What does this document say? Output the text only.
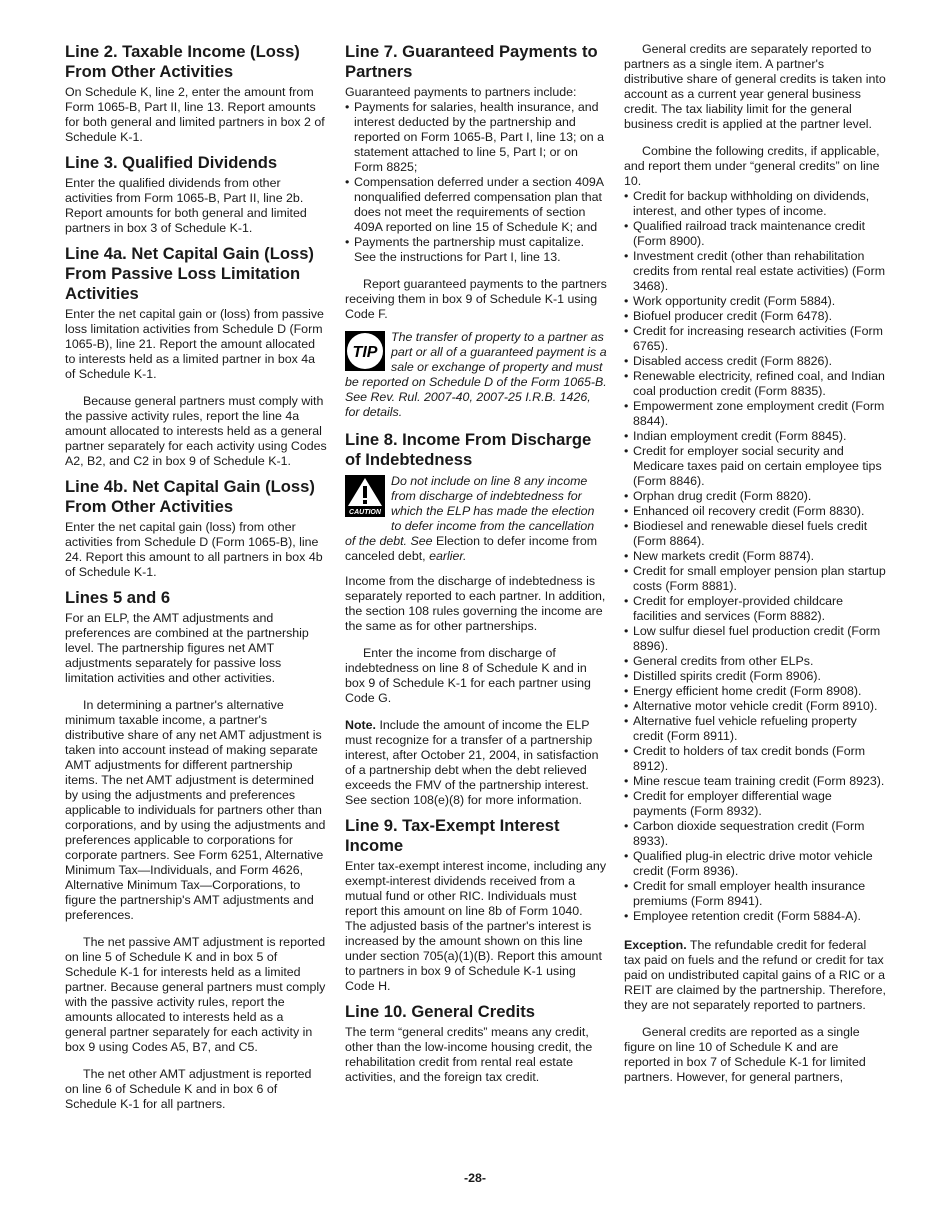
Line 2. Taxable Income (Loss) From Other Activities

On Schedule K, line 2, enter the amount from Form 1065-B, Part II, line 13. Report amounts for both general and limited partners in box 2 of Schedule K-1.

Line 3. Qualified Dividends

Enter the qualified dividends from other activities from Form 1065-B, Part II, line 2b. Report amounts for both general and limited partners in box 3 of Schedule K-1.

Line 4a. Net Capital Gain (Loss) From Passive Loss Limitation Activities

Enter the net capital gain or (loss) from passive loss limitation activities from Schedule D (Form 1065-B), line 21. Report the amount allocated to interests held as a limited partner in box 4a of Schedule K-1.

Because general partners must comply with the passive activity rules, report the line 4a amount allocated to interests held as a general partner separately for each activity using Codes A2, B2, and C2 in box 9 of Schedule K-1.

Line 4b. Net Capital Gain (Loss) From Other Activities

Enter the net capital gain (loss) from other activities from Schedule D (Form 1065-B), line 24. Report this amount to all partners in box 4b of Schedule K-1.

Lines 5 and 6

For an ELP, the AMT adjustments and preferences are combined at the partnership level. The partnership figures net AMT adjustments separately for passive loss limitation activities and other activities.

In determining a partner's alternative minimum taxable income, a partner's distributive share of any net AMT adjustment is taken into account instead of making separate AMT adjustments for different partnership items. The net AMT adjustment is determined by using the adjustments and preferences applicable to individuals for partners other than corporations, and by using the adjustments and preferences applicable to corporations for corporate partners. See Form 6251, Alternative Minimum Tax—Individuals, and Form 4626, Alternative Minimum Tax—Corporations, to figure the partnership's AMT adjustments and preferences.

The net passive AMT adjustment is reported on line 5 of Schedule K and in box 5 of Schedule K-1 for interests held as a limited partner. Because general partners must comply with the passive activity rules, report the amounts allocated to interests held as a general partner separately for each activity in box 9 using Codes A5, B7, and C5.

The net other AMT adjustment is reported on line 6 of Schedule K and in box 6 of Schedule K-1 for all partners.

Line 7. Guaranteed Payments to Partners
Guaranteed payments to partners include:
• Payments for salaries, health insurance, and interest deducted by the partnership and reported on Form 1065-B, Part I, line 13; on a statement attached to line 5, Part I; or on Form 8825;
• Compensation deferred under a section 409A nonqualified deferred compensation plan that does not meet the requirements of section 409A reported on line 15 of Schedule K; and
• Payments the partnership must capitalize. See the instructions for Part I, line 13.

Report guaranteed payments to the partners receiving them in box 9 of Schedule K-1 using Code F.

TIP
The transfer of property to a partner as part or all of a guaranteed payment is a sale or exchange of property and must be reported on Schedule D of the Form 1065-B. See Rev. Rul. 2007-40, 2007-25 I.R.B. 1426, for details.
Line 8. Income From Discharge of Indebtedness
CAUTION
Do not include on line 8 any income from discharge of indebtedness for which the ELP has made the election to defer income from the cancellation of the debt. See Election to defer income from canceled debt, earlier.

Income from the discharge of indebtedness is separately reported to each partner. In addition, the section 108 rules governing the income are the same as for other partnerships.

Enter the income from discharge of indebtedness on line 8 of Schedule K and in box 9 of Schedule K-1 for each partner using Code G.

Note. Include the amount of income the ELP must recognize for a transfer of a partnership interest, after October 21, 2004, in satisfaction of a partnership debt when the debt relieved exceeds the FMV of the partnership interest. See section 108(e)(8) for more information.

Line 9. Tax-Exempt Interest Income

Enter tax-exempt interest income, including any exempt-interest dividends received from a mutual fund or other RIC. Individuals must report this amount on line 8b of Form 1040. The adjusted basis of the partner's interest is increased by the amount shown on this line under section 705(a)(1)(B). Report this amount to partners in box 9 of Schedule K-1 using Code H.

Line 10. General Credits

The term “general credits” means any credit, other than the low-income housing credit, the rehabilitation credit from rental real estate activities, and the foreign tax credit.

General credits are separately reported to partners as a single item. A partner's distributive share of general credits is taken into account as a current year general business credit. The tax liability limit for the general business credit is applied at the partner level.

Combine the following credits, if applicable, and report them under “general credits” on line 10.

• Credit for backup withholding on dividends, interest, and other types of income.
• Qualified railroad track maintenance credit (Form 8900).
• Investment credit (other than rehabilitation credits from rental real estate activities) (Form 3468).
• Work opportunity credit (Form 5884).
• Biofuel producer credit (Form 6478).
• Credit for increasing research activities (Form 6765).
• Disabled access credit (Form 8826).
• Renewable electricity, refined coal, and Indian coal production credit (Form 8835).
• Empowerment zone employment credit (Form 8844).
• Indian employment credit (Form 8845).
• Credit for employer social security and Medicare taxes paid on certain employee tips (Form 8846).
• Orphan drug credit (Form 8820).
• Enhanced oil recovery credit (Form 8830).
• Biodiesel and renewable diesel fuels credit (Form 8864).
• New markets credit (Form 8874).
• Credit for small employer pension plan startup costs (Form 8881).
• Credit for employer-provided childcare facilities and services (Form 8882).
• Low sulfur diesel fuel production credit (Form 8896).
• General credits from other ELPs.
• Distilled spirits credit (Form 8906).
• Energy efficient home credit (Form 8908).
• Alternative motor vehicle credit (Form 8910).
• Alternative fuel vehicle refueling property credit (Form 8911).
• Credit to holders of tax credit bonds (Form 8912).
• Mine rescue team training credit (Form 8923).
• Credit for employer differential wage payments (Form 8932).
• Carbon dioxide sequestration credit (Form 8933).
• Qualified plug-in electric drive motor vehicle credit (Form 8936).
• Credit for small employer health insurance premiums (Form 8941).
• Employee retention credit (Form 5884-A).

Exception. The refundable credit for federal tax paid on fuels and the refund or credit for tax paid on undistributed capital gains of a RIC or a REIT are claimed by the partnership. Therefore, they are not separately reported to partners.

General credits are reported as a single figure on line 10 of Schedule K and are reported in box 7 of Schedule K-1 for limited partners. However, for general partners,

-28-
